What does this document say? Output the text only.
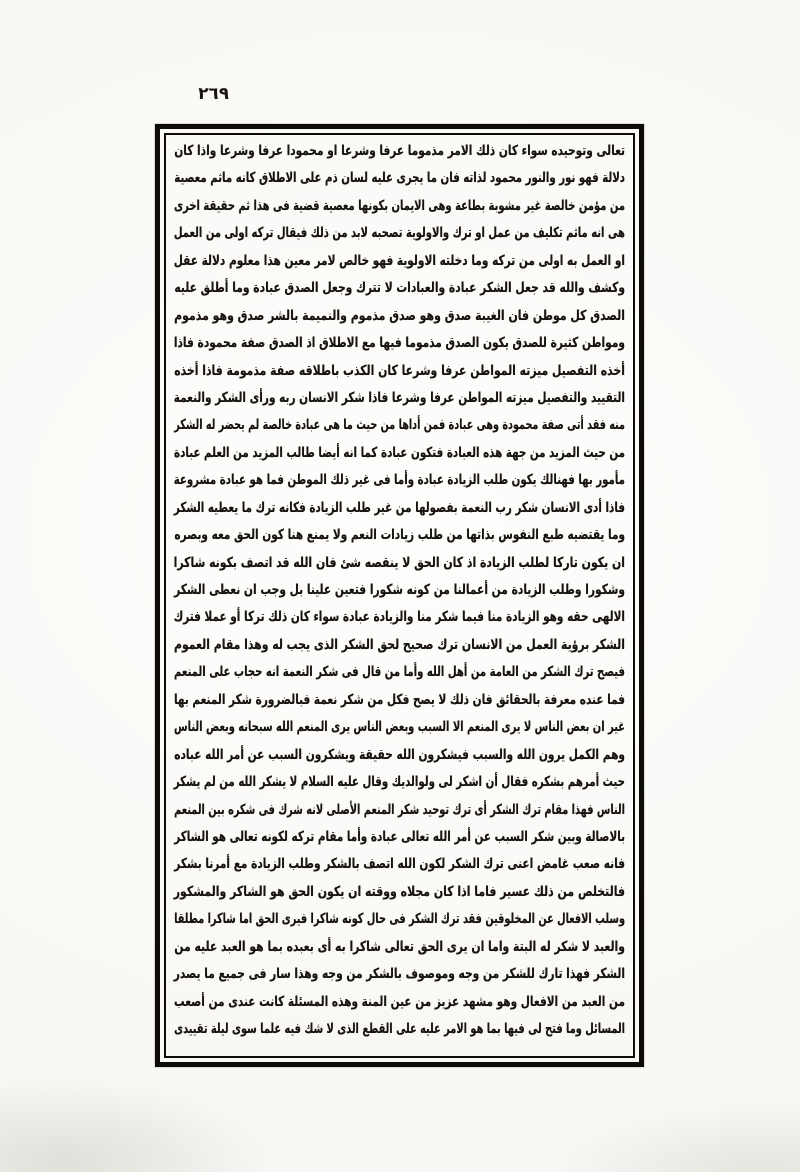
٢٦٩
تعالى وتوحيده سواء كان ذلك الامر مذموما عرفا وشرعا او محمودا عرفا وشرعا واذا كان
دلالة فهو نور والنور محمود لذاته فان ما يجرى عليه لسان ذم على الاطلاق كانه ماثم معصية
من مؤمن خالصة غير مشوبة بطاعة وهى الايمان بكونها معصية قضية فى هذا ثم حقيقة اخرى
هى انه ماثم تكليف من عمل او ترك والاولوية تصحبه لابد من ذلك فيقال تركه اولى من العمل
او العمل به اولى من تركه وما دخلته الاولوية فهو خالص لامر معين هذا معلوم دلالة عقل
وكشف والله قد جعل الشكر عبادة والعبادات لا تترك وجعل الصدق عبادة وما أطلق عليه
الصدق كل موطن فان الغيبة صدق وهو صدق مذموم والنميمة بالشر صدق وهو مذموم
ومواطن كثيرة للصدق يكون الصدق مذموما فيها مع الاطلاق اذ الصدق صفة محمودة فاذا
أخذه التفصيل ميزته المواطن عرفا وشرعا كان الكذب باطلاقه صفة مذمومة فاذا أخذه
التقييد والتفصيل ميزته المواطن عرفا وشرعا فاذا شكر الانسان ربه ورأى الشكر والنعمة
منه فقد أتى صفة محمودة وهى عبادة فمن أداها من حيث ما هى عبادة خالصة لم يحضر له الشكر
من حيث المزيد من جهة هذه العبادة فتكون عبادة كما انه أيضا طالب المزيد من العلم عبادة
مأمور بها فهنالك يكون طلب الزيادة عبادة وأما فى غير ذلك الموطن فما هو عبادة مشروعة
فاذا أدى الانسان شكر رب النعمة بفصولها من غير طلب الزيادة فكانه ترك ما يعطيه الشكر
وما يقتضيه طبع النفوس بذاتها من طلب زيادات النعم ولا يمنع هنا كون الحق معه وبصره
ان يكون تاركا لطلب الزيادة اذ كان الحق لا ينقصه شئ فان الله قد اتصف بكونه شاكرا
وشكورا وطلب الزيادة من أعمالنا من كونه شكورا فتعين علينا بل وجب ان نعطى الشكر
الالهى حقه وهو الزيادة منا فيما شكر منا والزيادة عبادة سواء كان ذلك تركا أو عملا فترك
الشكر برؤية العمل من الانسان ترك صحيح لحق الشكر الذى يجب له وهذا مقام العموم
فيصح ترك الشكر من العامة من أهل الله وأما من قال فى شكر النعمة انه حجاب على المنعم
فما عنده معرفة بالحقائق فان ذلك لا يصح فكل من شكر نعمة فبالضرورة شكر المنعم بها
غير ان بعض الناس لا يرى المنعم الا السبب وبعض الناس يرى المنعم الله سبحانه وبعض الناس
وهم الكمل يرون الله والسبب فيشكرون الله حقيقة ويشكرون السبب عن أمر الله عباده
حيث أمرهم بشكره فقال أن اشكر لى ولوالديك وقال عليه السلام لا يشكر الله من لم يشكر
الناس فهذا مقام ترك الشكر أى ترك توحيد شكر المنعم الأصلى لانه شرك فى شكره بين المنعم
بالاصالة وبين شكر السبب عن أمر الله تعالى عبادة وأما مقام تركه لكونه تعالى هو الشاكر
فانه صعب غامض اعنى ترك الشكر لكون الله اتصف بالشكر وطلب الزيادة مع أمرنا بشكر
فالتخلص من ذلك عسير فاما اذا كان مجلاه ووقته ان يكون الحق هو الشاكر والمشكور
وسلب الافعال عن المخلوقين فقد ترك الشكر فى حال كونه شاكرا فيرى الحق اما شاكرا مطلقا
والعبد لا شكر له البتة واما ان يرى الحق تعالى شاكرا به أى بعبده بما هو العبد عليه من
الشكر فهذا تارك للشكر من وجه وموصوف بالشكر من وجه وهذا سار فى جميع ما يصدر
من العبد من الافعال وهو مشهد عزيز من عين المنة وهذه المسئلة كانت عندى من أصعب
المسائل وما فتح لى فيها بما هو الامر عليه على القطع الذى لا شك فيه علما سوى ليلة تقييدى
